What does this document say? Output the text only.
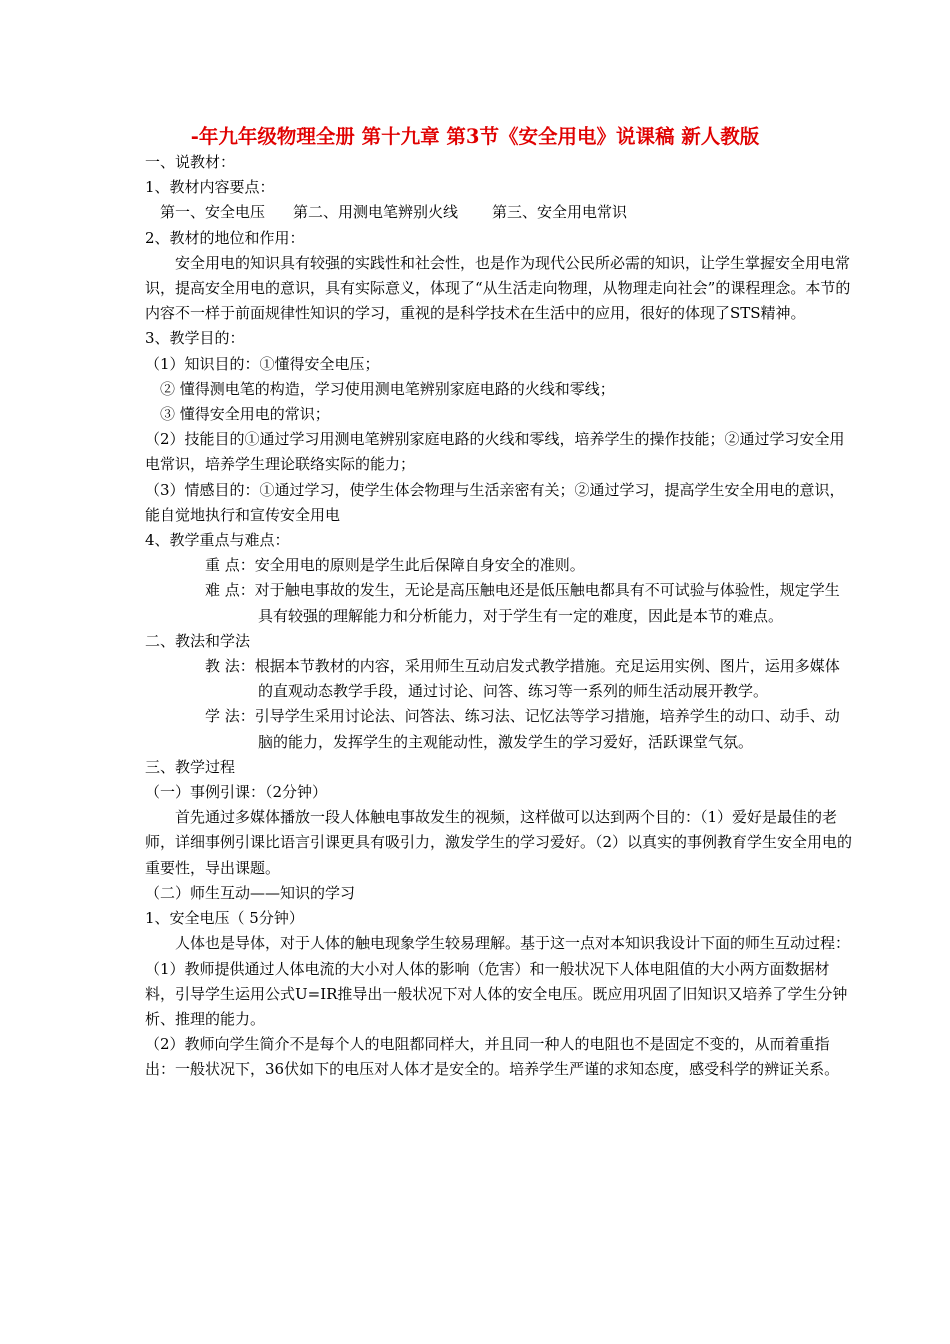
-年九年级物理全册 第十九章 第3节《安全用电》说课稿 新人教版

一、说教材：

1、教材内容要点：

第一、安全电压 第二、用测电笔辨别火线 第三、安全用电常识

2、教材的地位和作用：

安全用电的知识具有较强的实践性和社会性，也是作为现代公民所必需的知识，让学生掌握安全用电常识，提高安全用电的意识，具有实际意义，体现了“从生活走向物理，从物理走向社会”的课程理念。本节的内容不一样于前面规律性知识的学习，重视的是科学技术在生活中的应用，很好的体现了STS精神。

3、教学目的：

（1）知识目的：①懂得安全电压；

② 懂得测电笔的构造，学习使用测电笔辨别家庭电路的火线和零线；

③ 懂得安全用电的常识；

（2）技能目的①通过学习用测电笔辨别家庭电路的火线和零线，培养学生的操作技能；②通过学习安全用电常识，培养学生理论联络实际的能力；

（3）情感目的：①通过学习，使学生体会物理与生活亲密有关；②通过学习，提高学生安全用电的意识，能自觉地执行和宣传安全用电

4、教学重点与难点：

重 点：安全用电的原则是学生此后保障自身安全的准则。

难 点：对于触电事故的发生，无论是高压触电还是低压触电都具有不可试验与体验性，规定学生具有较强的理解能力和分析能力，对于学生有一定的难度，因此是本节的难点。

二、教法和学法

教 法：根据本节教材的内容，采用师生互动启发式教学措施。充足运用实例、图片，运用多媒体的直观动态教学手段，通过讨论、问答、练习等一系列的师生活动展开教学。

学 法：引导学生采用讨论法、问答法、练习法、记忆法等学习措施，培养学生的动口、动手、动脑的能力，发挥学生的主观能动性，激发学生的学习爱好，活跃课堂气氛。

三、教学过程

（一）事例引课：（2分钟）

首先通过多媒体播放一段人体触电事故发生的视频，这样做可以达到两个目的：（1）爱好是最佳的老师，详细事例引课比语言引课更具有吸引力，激发学生的学习爱好。（2）以真实的事例教育学生安全用电的重要性，导出课题。

（二）师生互动——知识的学习

1、安全电压（ 5分钟）

人体也是导体，对于人体的触电现象学生较易理解。基于这一点对本知识我设计下面的师生互动过程：

（1）教师提供通过人体电流的大小对人体的影响（危害）和一般状况下人体电阻值的大小两方面数据材料，引导学生运用公式U=IR推导出一般状况下对人体的安全电压。既应用巩固了旧知识又培养了学生分钟析、推理的能力。

（2）教师向学生简介不是每个人的电阻都同样大，并且同一种人的电阻也不是固定不变的，从而着重指出：一般状况下，36伏如下的电压对人体才是安全的。培养学生严谨的求知态度，感受科学的辨证关系。
